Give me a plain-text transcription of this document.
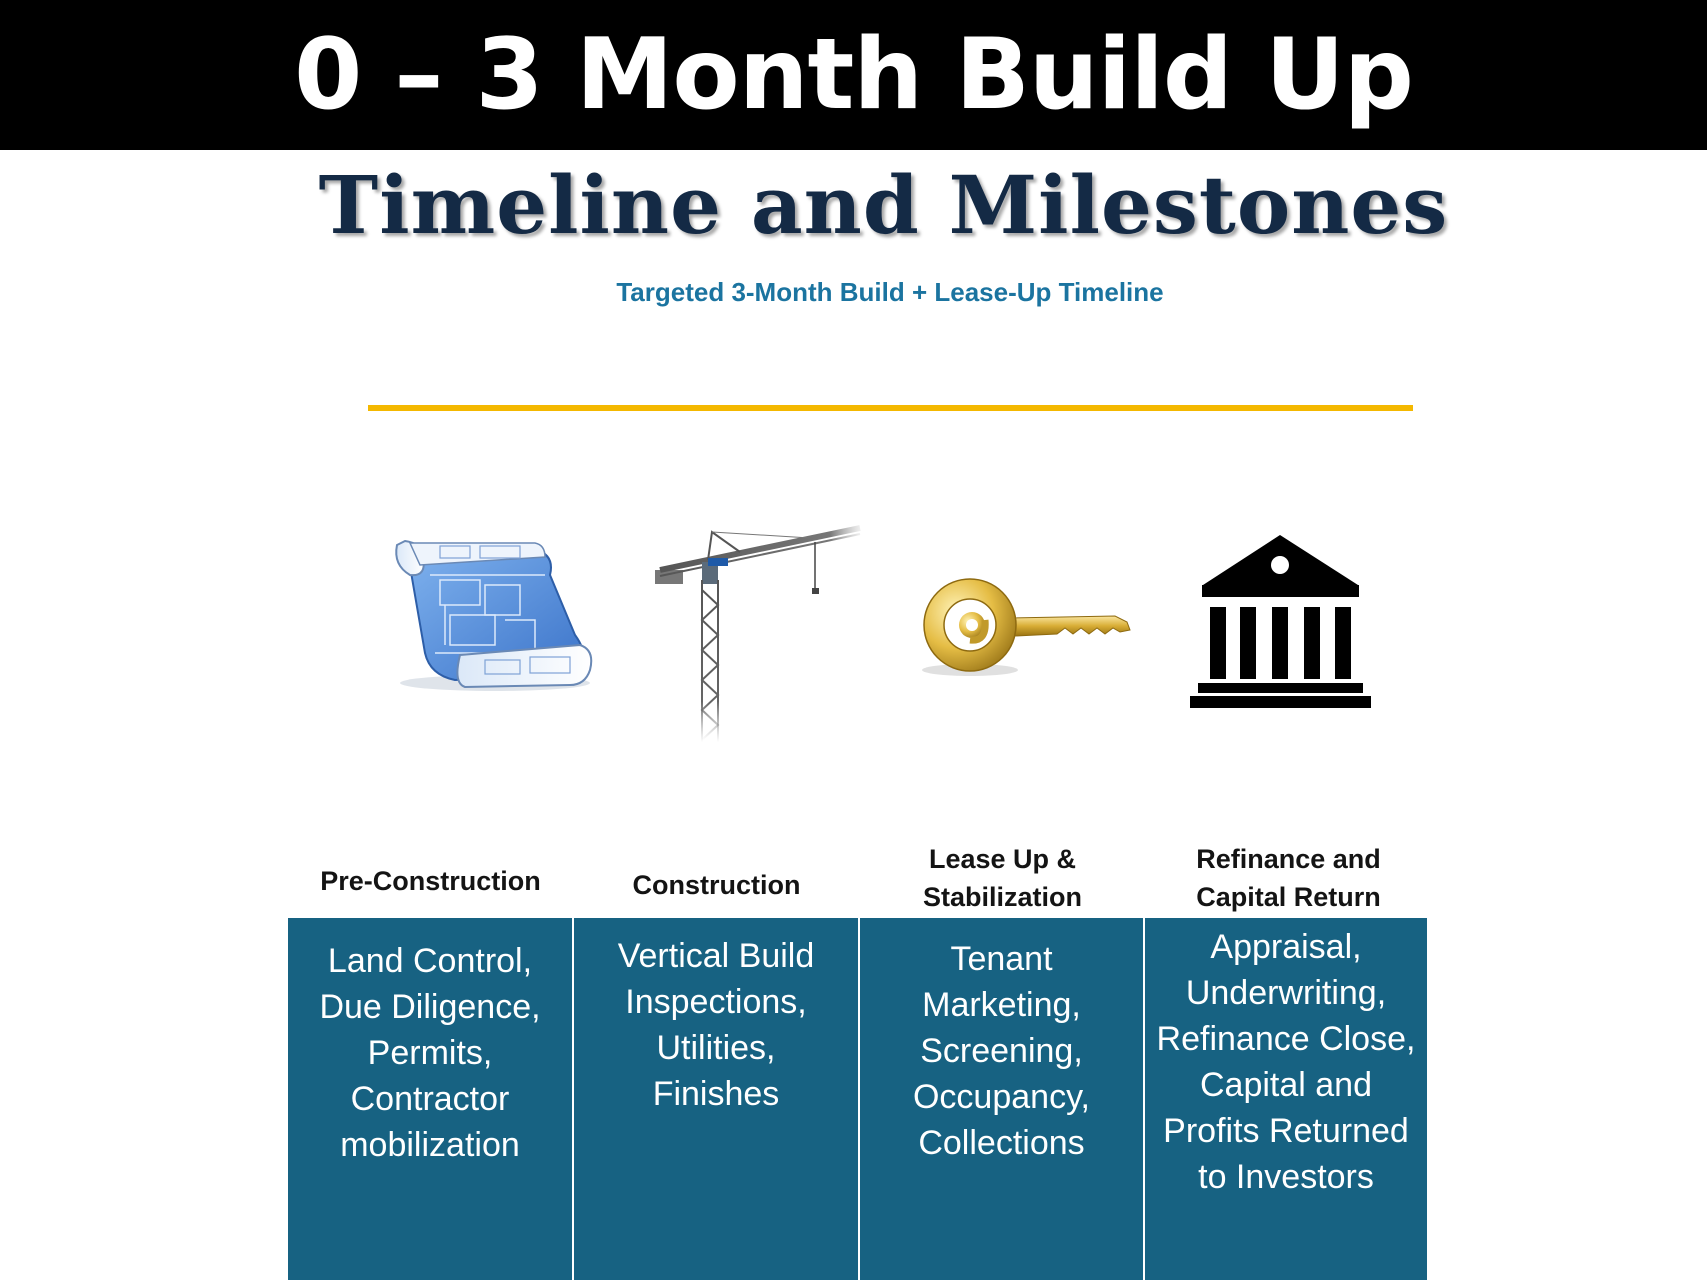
0 – 3 Month Build Up
Timeline and Milestones
Targeted 3-Month Build + Lease-Up Timeline
Pre-Construction	Construction
Lease Up &
Stabilization
Refinance and
Capital Return
Land Control,
Due Diligence,
Permits,
Contractor
mobilization
Vertical Build
Inspections,
Utilities,
Finishes
Tenant
Marketing,
Screening,
Occupancy,
Collections
Appraisal,
Underwriting,
Refinance Close,
Capital and
Profits Returned
to Investors
